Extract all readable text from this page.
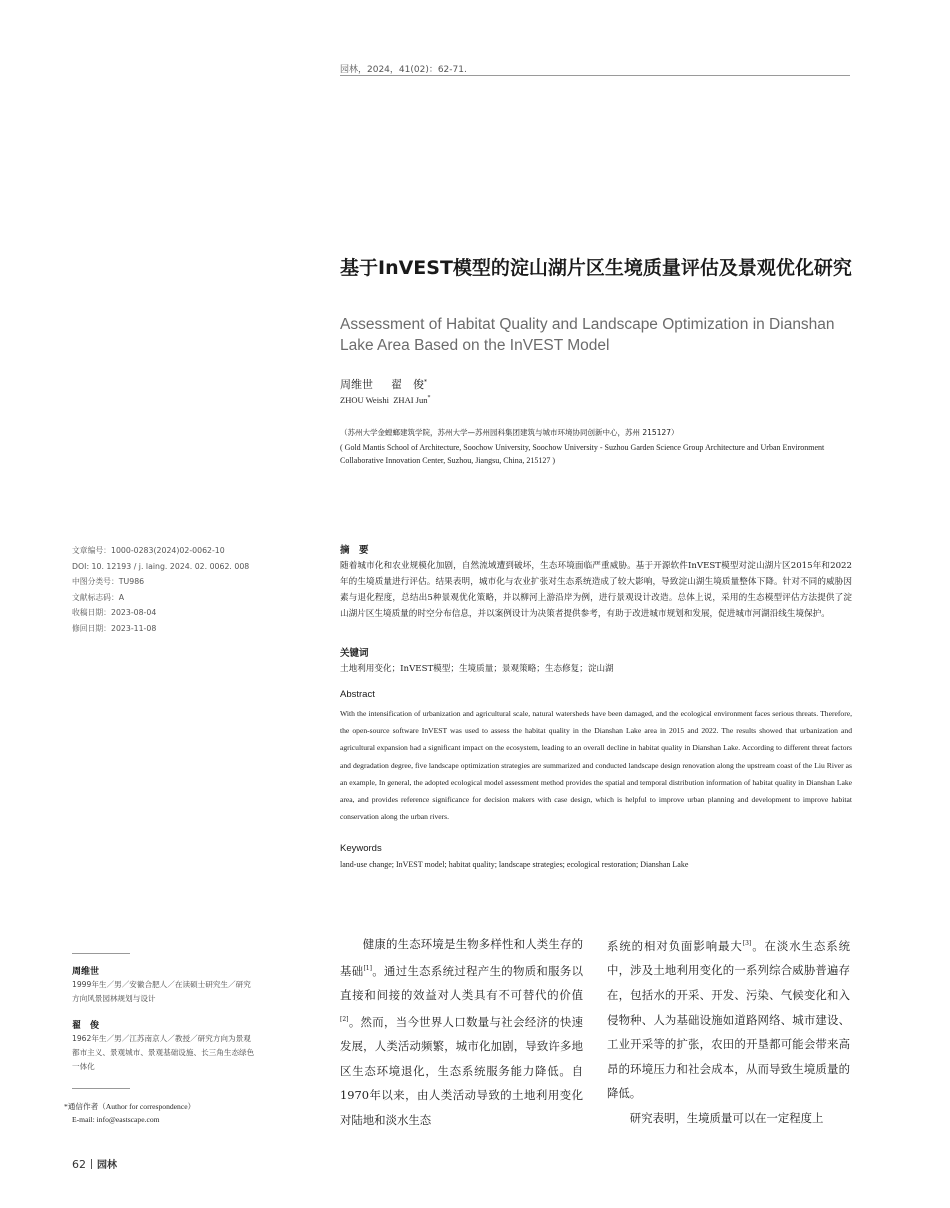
园林，2024，41(02)：62-71.
基于InVEST模型的淀山湖片区生境质量评估及景观优化研究
Assessment of Habitat Quality and Landscape Optimization in Dianshan Lake Area Based on the InVEST Model
周维世 翟　俊*
ZHOU Weishi ZHAI Jun*
（苏州大学金螳螂建筑学院，苏州大学—苏州园科集团建筑与城市环境协同创新中心，苏州 215127）
( Gold Mantis School of Architecture, Soochow University, Soochow University - Suzhou Garden Science Group Architecture and Urban Environment Collaborative Innovation Center, Suzhou, Jiangsu, China, 215127 )
文章编号：1000-0283(2024)02-0062-10
DOI: 10. 12193 / j. laing. 2024. 02. 0062. 008
中图分类号：TU986
文献标志码：A
收稿日期：2023-08-04
修回日期：2023-11-08
摘　要
随着城市化和农业规模化加剧，自然流域遭到破坏，生态环境面临严重威胁。基于开源软件InVEST模型对淀山湖片区2015年和2022年的生境质量进行评估。结果表明，城市化与农业扩张对生态系统造成了较大影响，导致淀山湖生境质量整体下降。针对不同的威胁因素与退化程度，总结出5种景观优化策略，并以柳河上游沿岸为例，进行景观设计改造。总体上说，采用的生态模型评估方法提供了淀山湖片区生境质量的时空分布信息，并以案例设计为决策者提供参考，有助于改进城市规划和发展，促进城市河湖沿线生境保护。
关键词
土地利用变化；InVEST模型；生境质量；景观策略；生态修复；淀山湖
Abstract
With the intensification of urbanization and agricultural scale, natural watersheds have been damaged, and the ecological environment faces serious threats. Therefore, the open-source software InVEST was used to assess the habitat quality in the Dianshan Lake area in 2015 and 2022. The results showed that urbanization and agricultural expansion had a significant impact on the ecosystem, leading to an overall decline in habitat quality in Dianshan Lake. According to different threat factors and degradation degree, five landscape optimization strategies are summarized and conducted landscape design renovation along the upstream coast of the Liu River as an example, In general, the adopted ecological model assessment method provides the spatial and temporal distribution information of habitat quality in Dianshan Lake area, and provides reference significance for decision makers with case design, which is helpful to improve urban planning and development to improve habitat conservation along the urban rivers.
Keywords
land-use change; InVEST model; habitat quality; landscape strategies; ecological restoration; Dianshan Lake
周维世
1999年生／男／安徽合肥人／在读硕士研究生／研究方向风景园林规划与设计
翟　俊
1962年生／男／江苏南京人／教授／研究方向为景观都市主义、景观城市、景观基础设施、长三角生态绿色一体化
*通信作者（Author for correspondence）
E-mail: info@eastscape.com
健康的生态环境是生物多样性和人类生存的基础[1]。通过生态系统过程产生的物质和服务以直接和间接的效益对人类具有不可替代的价值[2]。然而，当今世界人口数量与社会经济的快速发展，人类活动频繁，城市化加剧，导致许多地区生态环境退化，生态系统服务能力降低。自1970年以来，由人类活动导致的土地利用变化对陆地和淡水生态
系统的相对负面影响最大[3]。在淡水生态系统中，涉及土地利用变化的一系列综合威胁普遍存在，包括水的开采、开发、污染、气候变化和入侵物种、人为基础设施如道路网络、城市建设、工业开采等的扩张，农田的开垦都可能会带来高昂的环境压力和社会成本，从而导致生境质量的降低。
研究表明，生境质量可以在一定程度上
62 园林
